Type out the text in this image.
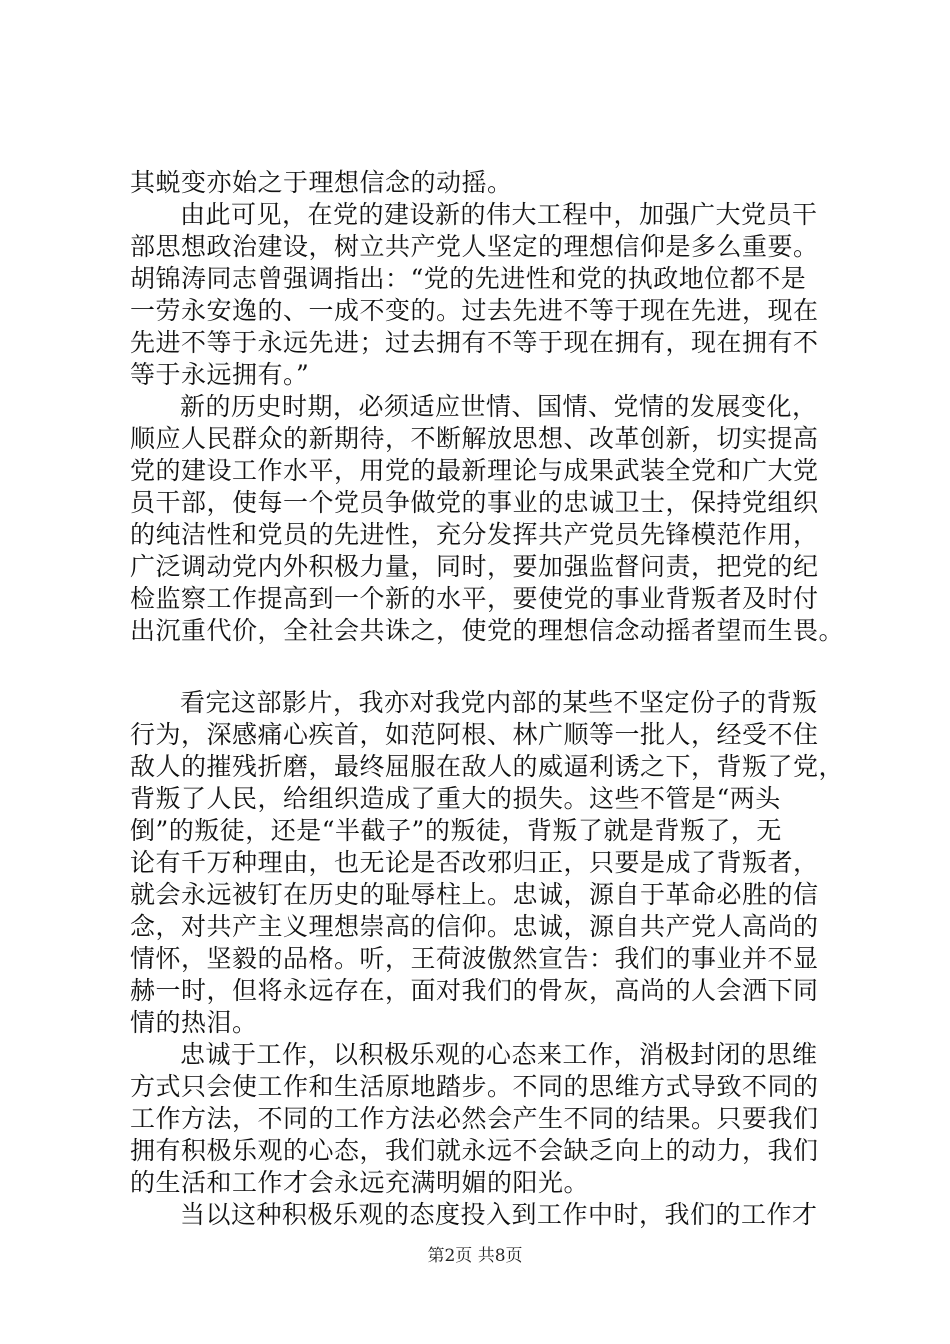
其蜕变亦始之于理想信念的动摇。
由此可见，在党的建设新的伟大工程中，加强广大党员干
部思想政治建设，树立共产党人坚定的理想信仰是多么重要。
胡锦涛同志曾强调指出：“党的先进性和党的执政地位都不是
一劳永安逸的、一成不变的。过去先进不等于现在先进，现在
先进不等于永远先进；过去拥有不等于现在拥有，现在拥有不
等于永远拥有。”
新的历史时期，必须适应世情、国情、党情的发展变化，
顺应人民群众的新期待，不断解放思想、改革创新，切实提高
党的建设工作水平，用党的最新理论与成果武装全党和广大党
员干部，使每一个党员争做党的事业的忠诚卫士，保持党组织
的纯洁性和党员的先进性，充分发挥共产党员先锋模范作用，
广泛调动党内外积极力量，同时，要加强监督问责，把党的纪
检监察工作提高到一个新的水平，要使党的事业背叛者及时付
出沉重代价，全社会共诛之，使党的理想信念动摇者望而生畏。
看完这部影片，我亦对我党内部的某些不坚定份子的背叛
行为，深感痛心疾首，如范阿根、林广顺等一批人，经受不住
敌人的摧残折磨，最终屈服在敌人的威逼利诱之下，背叛了党，
背叛了人民，给组织造成了重大的损失。这些不管是“两头
倒”的叛徒，还是“半截子”的叛徒，背叛了就是背叛了，无
论有千万种理由，也无论是否改邪归正，只要是成了背叛者，
就会永远被钉在历史的耻辱柱上。忠诚，源自于革命必胜的信
念，对共产主义理想崇高的信仰。忠诚，源自共产党人高尚的
情怀，坚毅的品格。听，王荷波傲然宣告：我们的事业并不显
赫一时，但将永远存在，面对我们的骨灰，高尚的人会洒下同
情的热泪。
忠诚于工作，以积极乐观的心态来工作，消极封闭的思维
方式只会使工作和生活原地踏步。不同的思维方式导致不同的
工作方法，不同的工作方法必然会产生不同的结果。只要我们
拥有积极乐观的心态，我们就永远不会缺乏向上的动力，我们
的生活和工作才会永远充满明媚的阳光。
当以这种积极乐观的态度投入到工作中时，我们的工作才
第2页 共8页
